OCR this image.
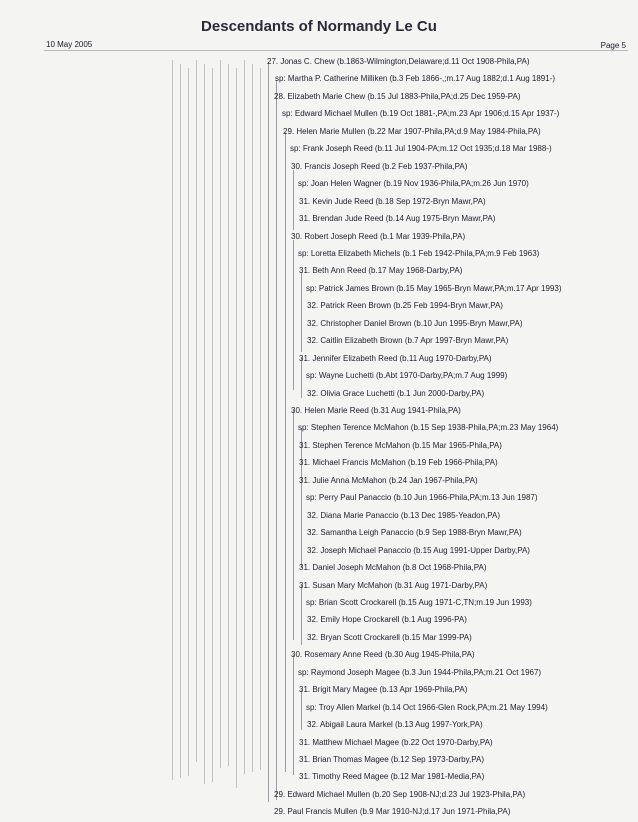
Descendants of Normandy Le Cu
10 May 2005	Page 5
27. Jonas C. Chew (b.1863-Wilmington,Delaware;d.11 Oct 1908-Phila,PA)
sp: Martha P. Catherine Milliken (b.3 Feb 1866-,;m.17 Aug 1882;d.1 Aug 1891-)
28. Elizabeth Marie Chew (b.15 Jul 1883-Phila,PA;d.25 Dec 1959-PA)
sp: Edward Michael Mullen (b.19 Oct 1881-,PA;m.23 Apr 1906;d.15 Apr 1937-)
29. Helen Marie Mullen (b.22 Mar 1907-Phila,PA;d.9 May 1984-Phila,PA)
sp: Frank Joseph Reed (b.11 Jul 1904-PA;m.12 Oct 1935;d.18 Mar 1988-)
30. Francis Joseph Reed (b.2 Feb 1937-Phila,PA)
sp: Joan Helen Wagner (b.19 Nov 1936-Phila,PA;m.26 Jun 1970)
31. Kevin Jude Reed (b.18 Sep 1972-Bryn Mawr,PA)
31. Brendan Jude Reed (b.14 Aug 1975-Bryn Mawr,PA)
30. Robert Joseph Reed (b.1 Mar 1939-Phila,PA)
sp: Loretta Elizabeth Michels (b.1 Feb 1942-Phila,PA;m.9 Feb 1963)
31. Beth Ann Reed (b.17 May 1968-Darby,PA)
sp: Patrick James Brown (b.15 May 1965-Bryn Mawr,PA;m.17 Apr 1993)
32. Patrick Reen Brown (b.25 Feb 1994-Bryn Mawr,PA)
32. Christopher Daniel Brown (b.10 Jun 1995-Bryn Mawr,PA)
32. Caitlin Elizabeth Brown (b.7 Apr 1997-Bryn Mawr,PA)
31. Jennifer Elizabeth Reed (b.11 Aug 1970-Darby,PA)
sp: Wayne Luchetti (b.Abt 1970-Darby,PA;m.7 Aug 1999)
32. Olivia Grace Luchetti (b.1 Jun 2000-Darby,PA)
30. Helen Marie Reed (b.31 Aug 1941-Phila,PA)
sp: Stephen Terence McMahon (b.15 Sep 1938-Phila,PA;m.23 May 1964)
31. Stephen Terence McMahon (b.15 Mar 1965-Phila,PA)
31. Michael Francis McMahon (b.19 Feb 1966-Phila,PA)
31. Julie Anna McMahon (b.24 Jan 1967-Phila,PA)
sp: Perry Paul Panaccio (b.10 Jun 1966-Phila,PA;m.13 Jun 1987)
32. Diana Marie Panaccio (b.13 Dec 1985-Yeadon,PA)
32. Samantha Leigh Panaccio (b.9 Sep 1988-Bryn Mawr,PA)
32. Joseph Michael Panaccio (b.15 Aug 1991-Upper Darby,PA)
31. Daniel Joseph McMahon (b.8 Oct 1968-Phila,PA)
31. Susan Mary McMahon (b.31 Aug 1971-Darby,PA)
sp: Brian Scott Crockarell (b.15 Aug 1971-C,TN;m.19 Jun 1993)
32. Emily Hope Crockarell (b.1 Aug 1996-PA)
32. Bryan Scott Crockarell (b.15 Mar 1999-PA)
30. Rosemary Anne Reed (b.30 Aug 1945-Phila,PA)
sp: Raymond Joseph Magee (b.3 Jun 1944-Phila,PA;m.21 Oct 1967)
31. Brigit Mary Magee (b.13 Apr 1969-Phila,PA)
sp: Troy Allen Markel (b.14 Oct 1966-Glen Rock,PA;m.21 May 1994)
32. Abigail Laura Markel (b.13 Aug 1997-York,PA)
31. Matthew Michael Magee (b.22 Oct 1970-Darby,PA)
31. Brian Thomas Magee (b.12 Sep 1973-Darby,PA)
31. Timothy Reed Magee (b.12 Mar 1981-Media,PA)
29. Edward Michael Mullen (b.20 Sep 1908-NJ;d.23 Jul 1923-Phila,PA)
29. Paul Francis Mullen (b.9 Mar 1910-NJ;d.17 Jun 1971-Phila,PA)
